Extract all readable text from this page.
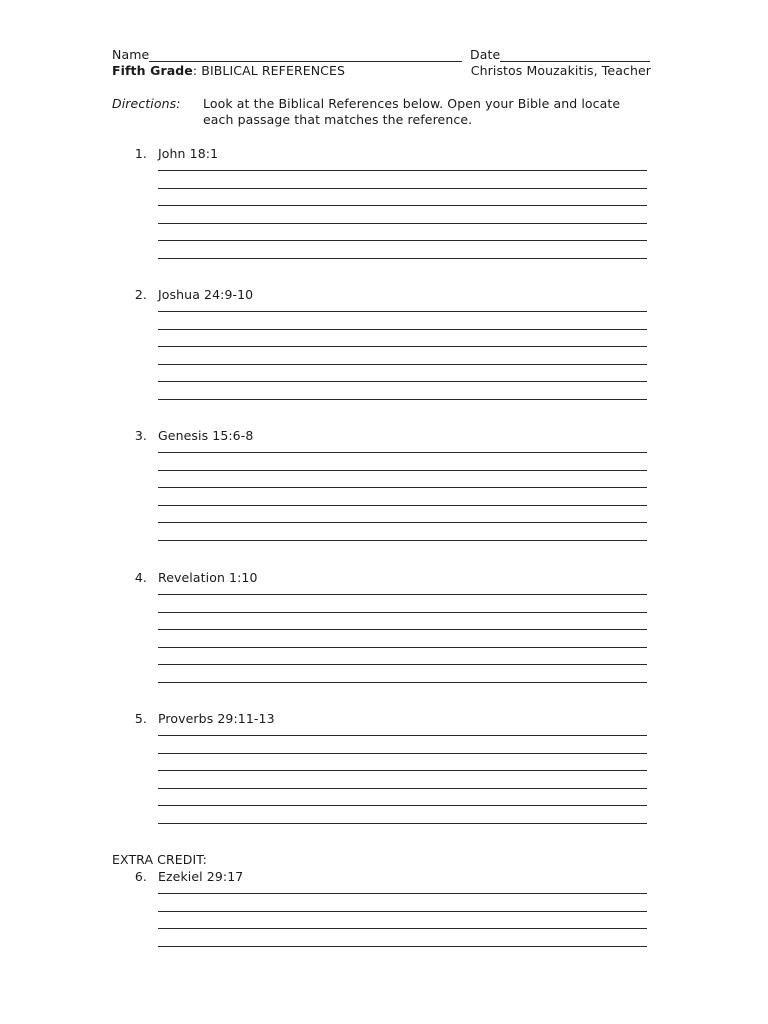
Name	Date
Fifth Grade: BIBLICAL REFERENCES	Christos Mouzakitis, Teacher
Directions: Look at the Biblical References below. Open your Bible and locate each passage that matches the reference.
1. John 18:1
2. Joshua 24:9-10
3. Genesis 15:6-8
4. Revelation 1:10
5. Proverbs 29:11-13
EXTRA CREDIT:
6. Ezekiel 29:17
